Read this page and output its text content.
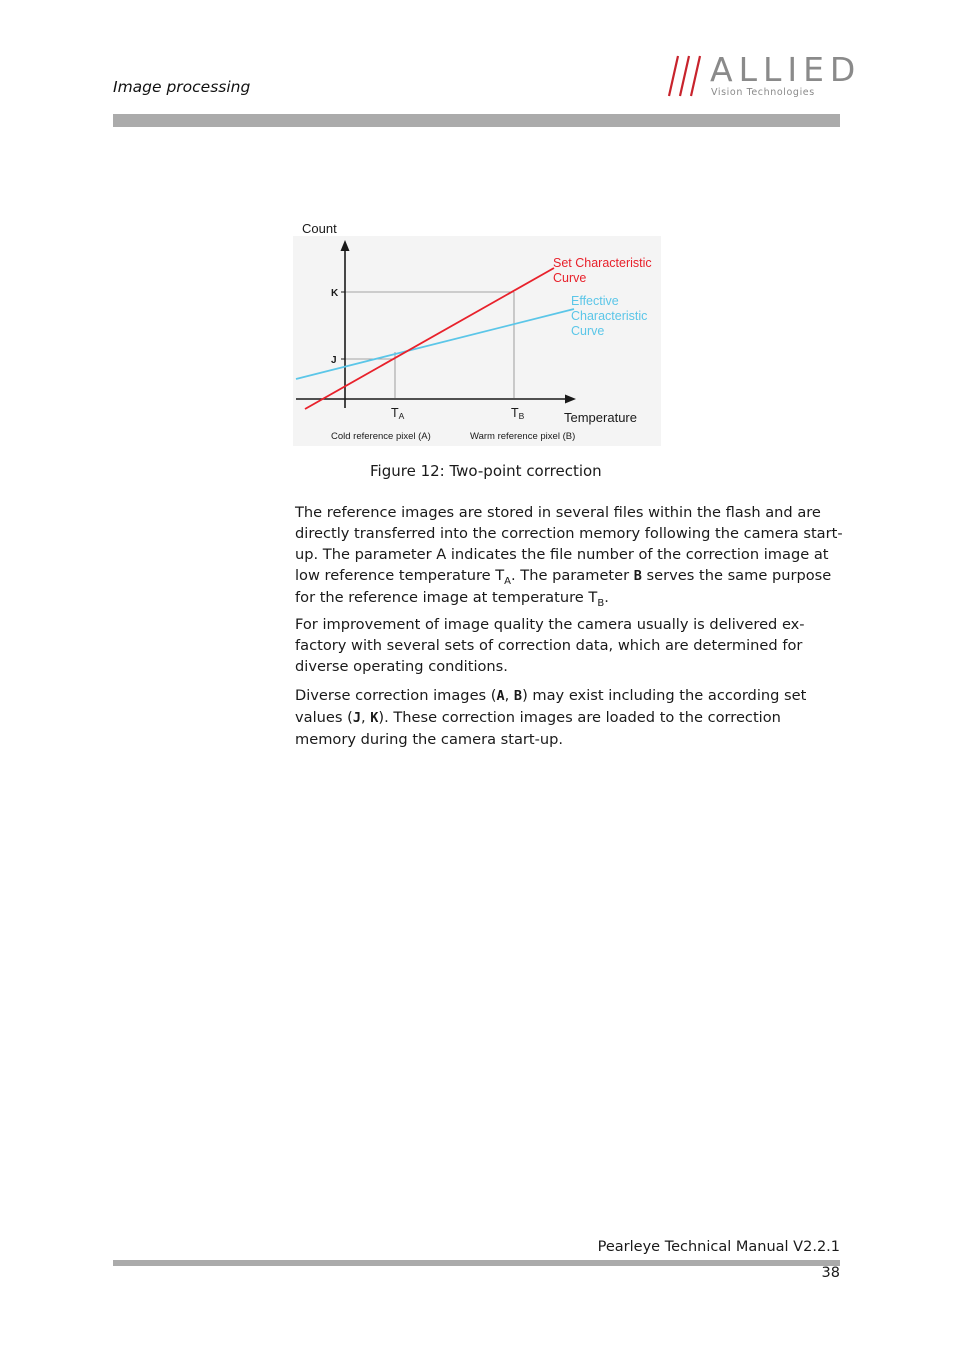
Image processing	ALLIED
Vision Technologies
Count
K
J
Set Characteristic
Curve
Effective
Characteristic
Curve
TA	TB	Temperature
Cold reference pixel (A)	Warm reference pixel (B)
Figure 12: Two-point correction

The reference images are stored in several files within the flash and are directly transferred into the correction memory following the camera start-up. The parameter A indicates the file number of the correction image at low reference temperature $T_A$. The parameter B serves the same purpose for the reference image at temperature $T_B$.

For improvement of image quality the camera usually is delivered ex-factory with several sets of correction data, which are determined for diverse operating conditions.

Diverse correction images (A, B) may exist including the according set values (J, K). These correction images are loaded to the correction memory during the camera start-up.

Pearleye Technical Manual V2.2.1
38
